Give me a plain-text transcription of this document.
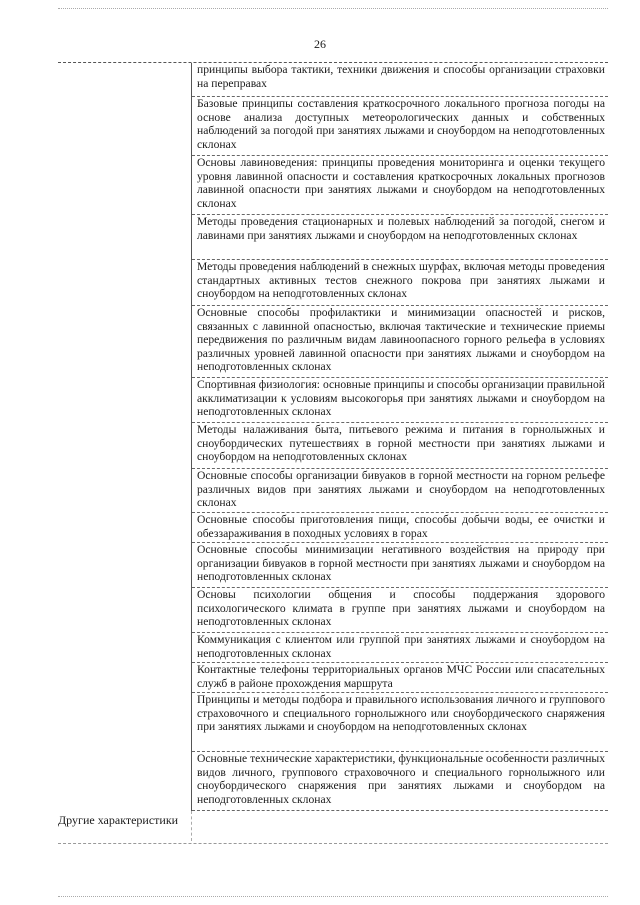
26
принципы выбора тактики, техники движения и способы организации страховки на переправах
Базовые принципы составления краткосрочного локального прогноза погоды на основе анализа доступных метеорологических данных и собственных наблюдений за погодой при занятиях лыжами и сноубордом на неподготовленных склонах
Основы лавиноведения: принципы проведения мониторинга и оценки текущего уровня лавинной опасности и составления краткосрочных локальных прогнозов лавинной опасности при занятиях лыжами и сноубордом на неподготовленных склонах
Методы проведения стационарных и полевых наблюдений за погодой, снегом и лавинами при занятиях лыжами и сноубордом на неподготовленных склонах
Методы проведения наблюдений в снежных шурфах, включая методы проведения стандартных активных тестов снежного покрова при занятиях лыжами и сноубордом на неподготовленных склонах
Основные способы профилактики и минимизации опасностей и рисков, связанных с лавинной опасностью, включая тактические и технические приемы передвижения по различным видам лавиноопасного горного рельефа в условиях различных уровней лавинной опасности при занятиях лыжами и сноубордом на неподготовленных склонах
Спортивная физиология: основные принципы и способы организации правильной акклиматизации к условиям высокогорья при занятиях лыжами и сноубордом на неподготовленных склонах
Методы налаживания быта, питьевого режима и питания в горнолыжных и сноубордических путешествиях в горной местности при занятиях лыжами и сноубордом на неподготовленных склонах
Основные способы организации бивуаков в горной местности на горном рельефе различных видов при занятиях лыжами и сноубордом на неподготовленных склонах
Основные способы приготовления пищи, способы добычи воды, ее очистки и обеззараживания в походных условиях в горах
Основные способы минимизации негативного воздействия на природу при организации бивуаков в горной местности при занятиях лыжами и сноубордом на неподготовленных склонах
Основы психологии общения и способы поддержания здорового психологического климата в группе при занятиях лыжами и сноубордом на неподготовленных склонах
Коммуникация с клиентом или группой при занятиях лыжами и сноубордом на неподготовленных склонах
Контактные телефоны территориальных органов МЧС России или спасательных служб в районе прохождения маршрута
Принципы и методы подбора и правильного использования личного и группового страховочного и специального горнолыжного или сноубордического снаряжения при занятиях лыжами и сноубордом на неподготовленных склонах
Основные технические характеристики, функциональные особенности различных видов личного, группового страховочного и специального горнолыжного или сноубордического снаряжения при занятиях лыжами и сноубордом на неподготовленных склонах
Другие характеристики
